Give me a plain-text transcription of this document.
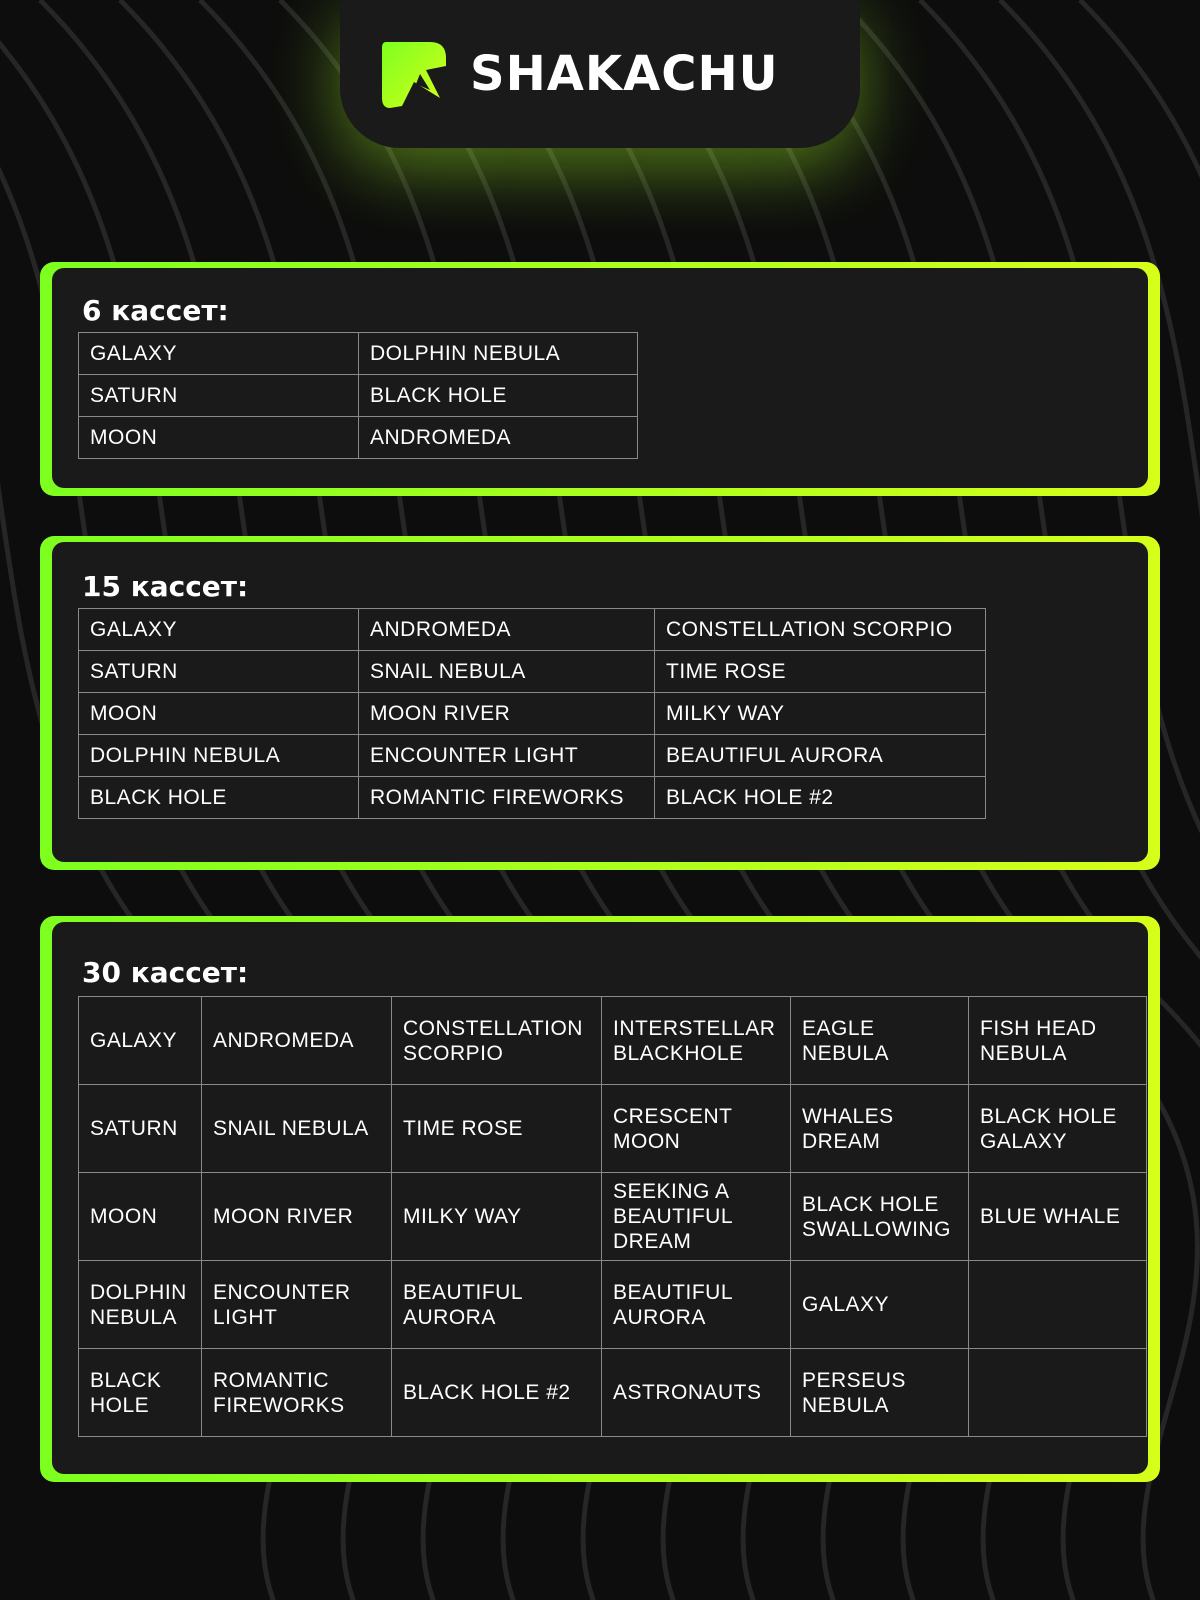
SHAKACHU
6 кассет:
GALAXY	DOLPHIN NEBULA
SATURN	BLACK HOLE
MOON	ANDROMEDA
15 кассет:
GALAXY	ANDROMEDA	CONSTELLATION SCORPIO
SATURN	SNAIL NEBULA	TIME ROSE
MOON	MOON RIVER	MILKY WAY
DOLPHIN NEBULA	ENCOUNTER LIGHT	BEAUTIFUL AURORA
BLACK HOLE	ROMANTIC FIREWORKS	BLACK HOLE #2
30 кассет:
GALAXY	ANDROMEDA	CONSTELLATION SCORPIO	INTERSTELLAR BLACKHOLE	EAGLE NEBULA	FISH HEAD NEBULA
SATURN	SNAIL NEBULA	TIME ROSE	CRESCENT MOON	WHALES DREAM	BLACK HOLE GALAXY
MOON	MOON RIVER	MILKY WAY	SEEKING A BEAUTIFUL DREAM	BLACK HOLE SWALLOWING	BLUE WHALE
DOLPHIN NEBULA	ENCOUNTER LIGHT	BEAUTIFUL AURORA	BEAUTIFUL AURORA	GALAXY	
BLACK HOLE	ROMANTIC FIREWORKS	BLACK HOLE #2	ASTRONAUTS	PERSEUS NEBULA	
